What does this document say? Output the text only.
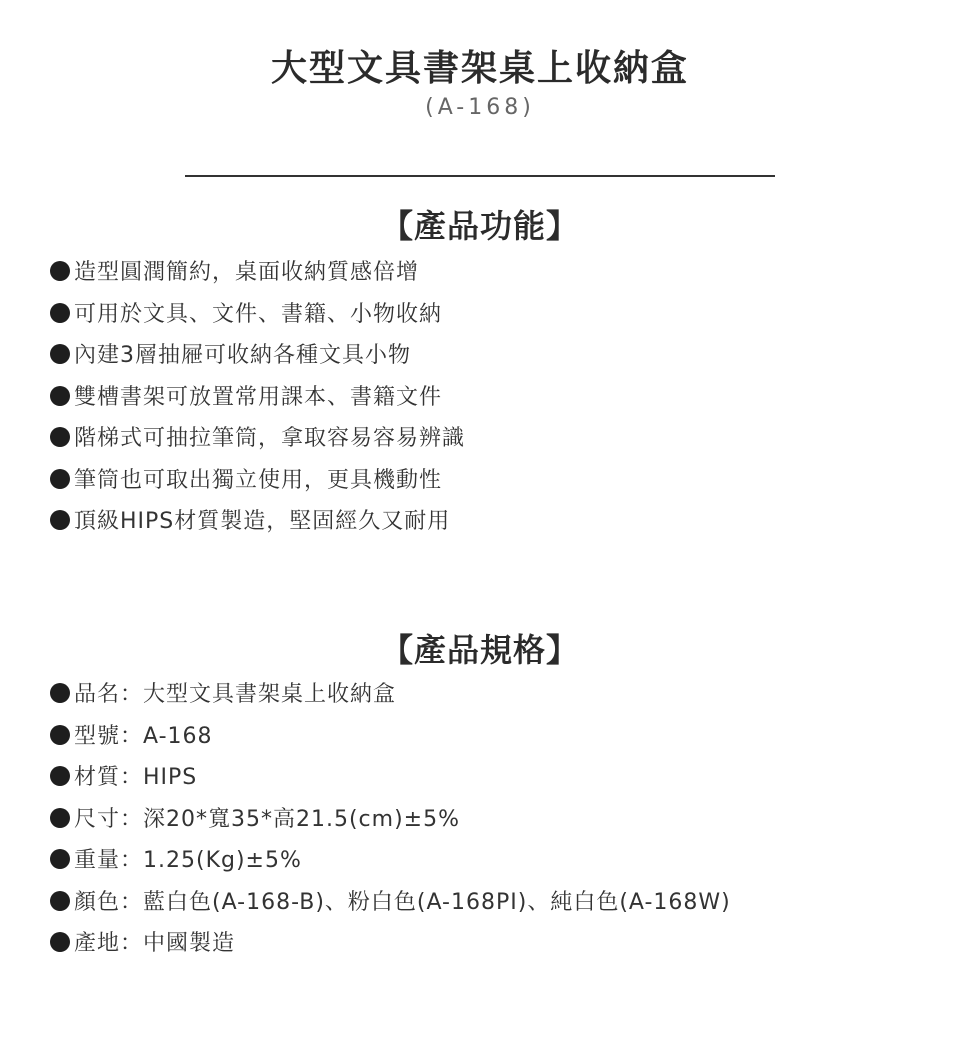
大型文具書架桌上收納盒
(A-168)
【產品功能】
造型圓潤簡約，桌面收納質感倍增
可用於文具、文件、書籍、小物收納
內建3層抽屜可收納各種文具小物
雙槽書架可放置常用課本、書籍文件
階梯式可抽拉筆筒，拿取容易容易辨識
筆筒也可取出獨立使用，更具機動性
頂級HIPS材質製造，堅固經久又耐用
【產品規格】
品名：大型文具書架桌上收納盒
型號：A-168
材質：HIPS
尺寸：深20*寬35*高21.5(cm)±5%
重量：1.25(Kg)±5%
顏色：藍白色(A-168-B)、粉白色(A-168PI)、純白色(A-168W)
產地：中國製造
